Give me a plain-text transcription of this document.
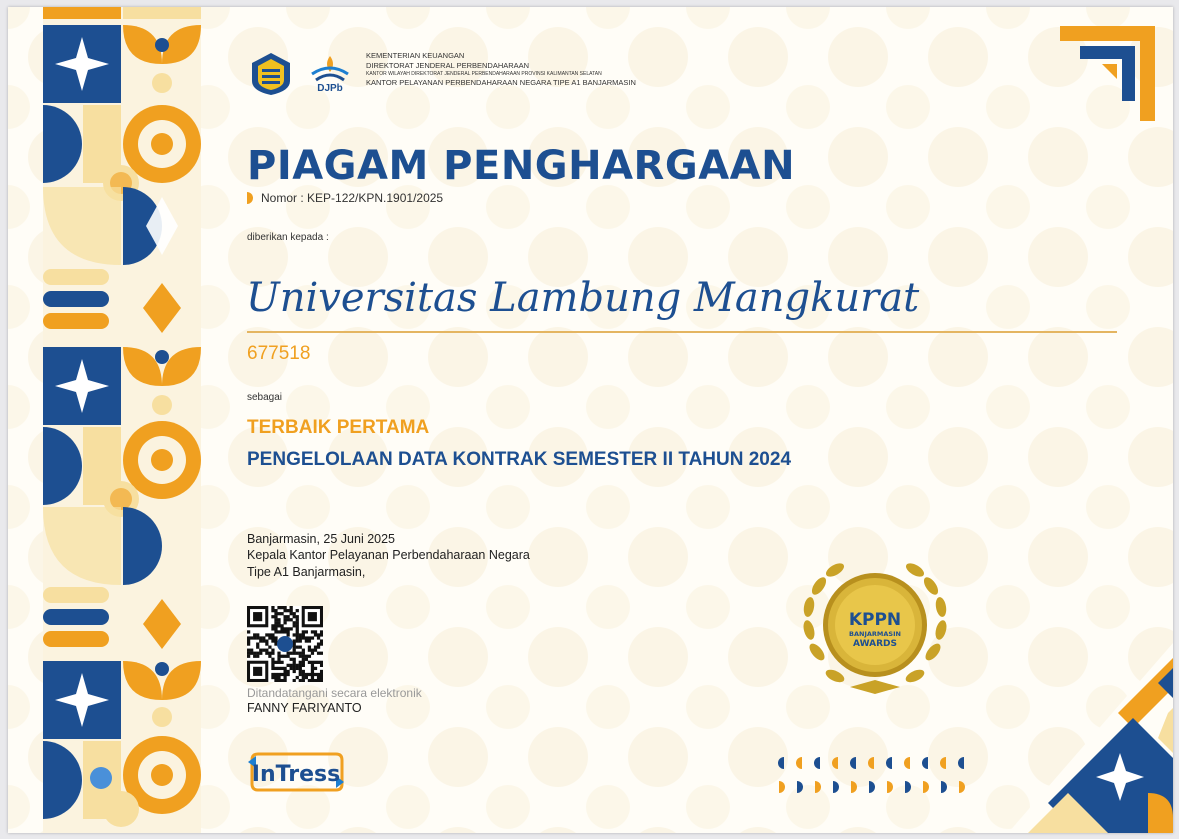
DJPb
KEMENTERIAN KEUANGAN
DIREKTORAT JENDERAL PERBENDAHARAAN
KANTOR WILAYAH DIREKTORAT JENDERAL PERBENDAHARAAN PROVINSI KALIMANTAN SELATAN
KANTOR PELAYANAN PERBENDAHARAAN NEGARA TIPE A1 BANJARMASIN
PIAGAM PENGHARGAAN
Nomor : KEP-122/KPN.1901/2025
diberikan kepada :
Universitas Lambung Mangkurat
677518
sebagai
TERBAIK PERTAMA
PENGELOLAAN DATA KONTRAK SEMESTER II TAHUN 2024
Banjarmasin, 25 Juni 2025
Kepala Kantor Pelayanan Perbendaharaan Negara
Tipe A1 Banjarmasin,
Ditandatangani secara elektronik
FANNY FARIYANTO
InTress
KPPN
BANJARMASIN
AWARDS
